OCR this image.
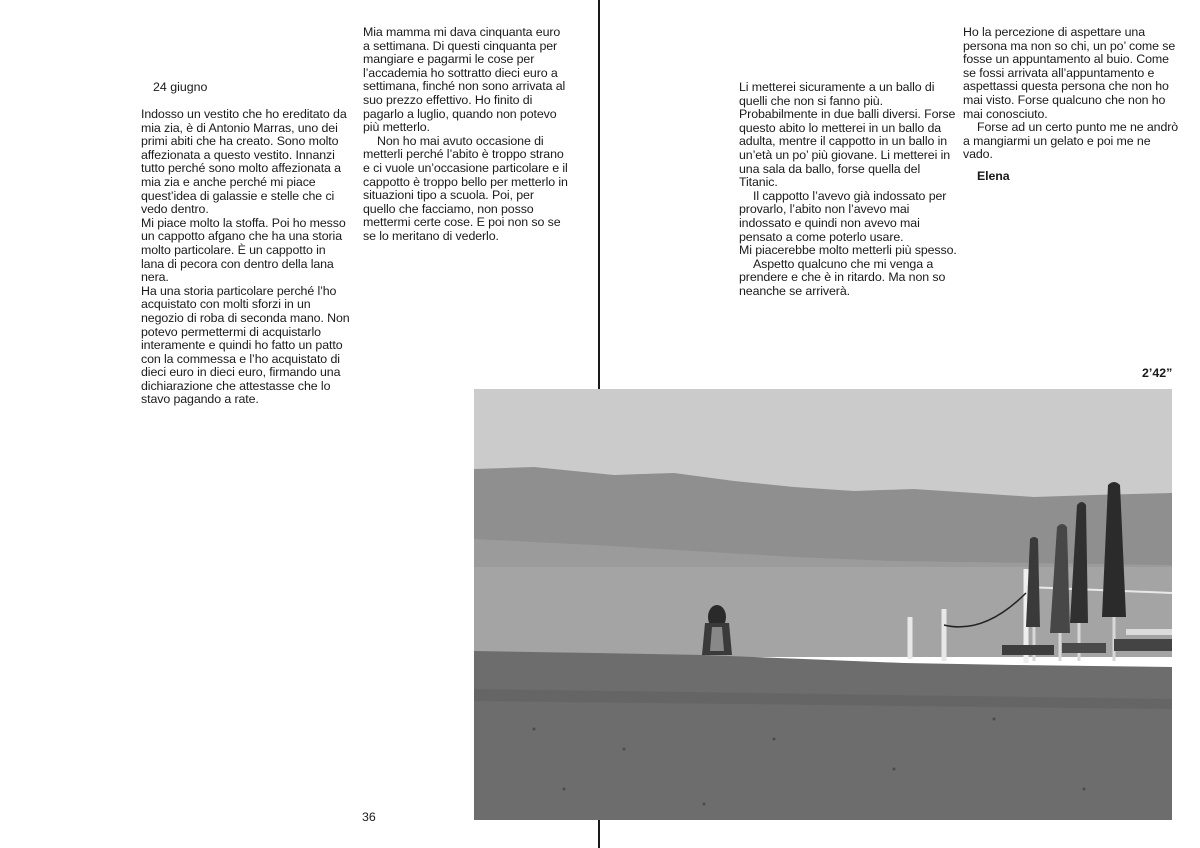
24 giugno

Indosso un vestito che ho ereditato da mia zia, è di Antonio Marras, uno dei primi abiti che ha creato. Sono molto affezionata a questo vestito. Innanzi tutto perché sono molto affezionata a mia zia e anche perché mi piace quest’idea di galassie e stelle che ci vedo dentro.

Mi piace molto la stoffa. Poi ho messo un cappotto afgano che ha una storia molto particolare. È un cappotto in lana di pecora con dentro della lana nera.

Ha una storia particolare perché l’ho acquistato con molti sforzi in un negozio di roba di seconda mano. Non potevo permettermi di acquistarlo interamente e quindi ho fatto un patto con la commessa e l’ho acquistato di dieci euro in dieci euro, firmando una dichiarazione che attestasse che lo stavo pagando a rate.

Mia mamma mi dava cinquanta euro a settimana. Di questi cinquanta per mangiare e pagarmi le cose per l’accademia ho sottratto dieci euro a settimana, finché non sono arrivata al suo prezzo effettivo. Ho finito di pagarlo a luglio, quando non potevo più metterlo.

Non ho mai avuto occasione di metterli perché l’abito è troppo strano e ci vuole un’occasione particolare e il cappotto è troppo bello per metterlo in situazioni tipo a scuola. Poi, per quello che facciamo, non posso mettermi certe cose. E poi non so se se lo meritano di vederlo.

36

Li metterei sicuramente a un ballo di quelli che non si fanno più. Probabilmente in due balli diversi. Forse questo abito lo metterei in un ballo da adulta, mentre il cappotto in un ballo in un’età un po’ più giovane. Li metterei in una sala da ballo, forse quella del Titanic.

Il cappotto l’avevo già indossato per provarlo, l’abito non l’avevo mai indossato e quindi non avevo mai pensato a come poterlo usare.

Mi piacerebbe molto metterli più spesso.

Aspetto qualcuno che mi venga a prendere e che è in ritardo. Ma non so neanche se arriverà.

Ho la percezione di aspettare una persona ma non so chi, un po’ come se fosse un appuntamento al buio. Come se fossi arrivata all’appuntamento e aspettassi questa persona che non ho mai visto. Forse qualcuno che non ho mai conosciuto.

Forse ad un certo punto me ne andrò a mangiarmi un gelato e poi me ne vado.

Elena

2’42”
